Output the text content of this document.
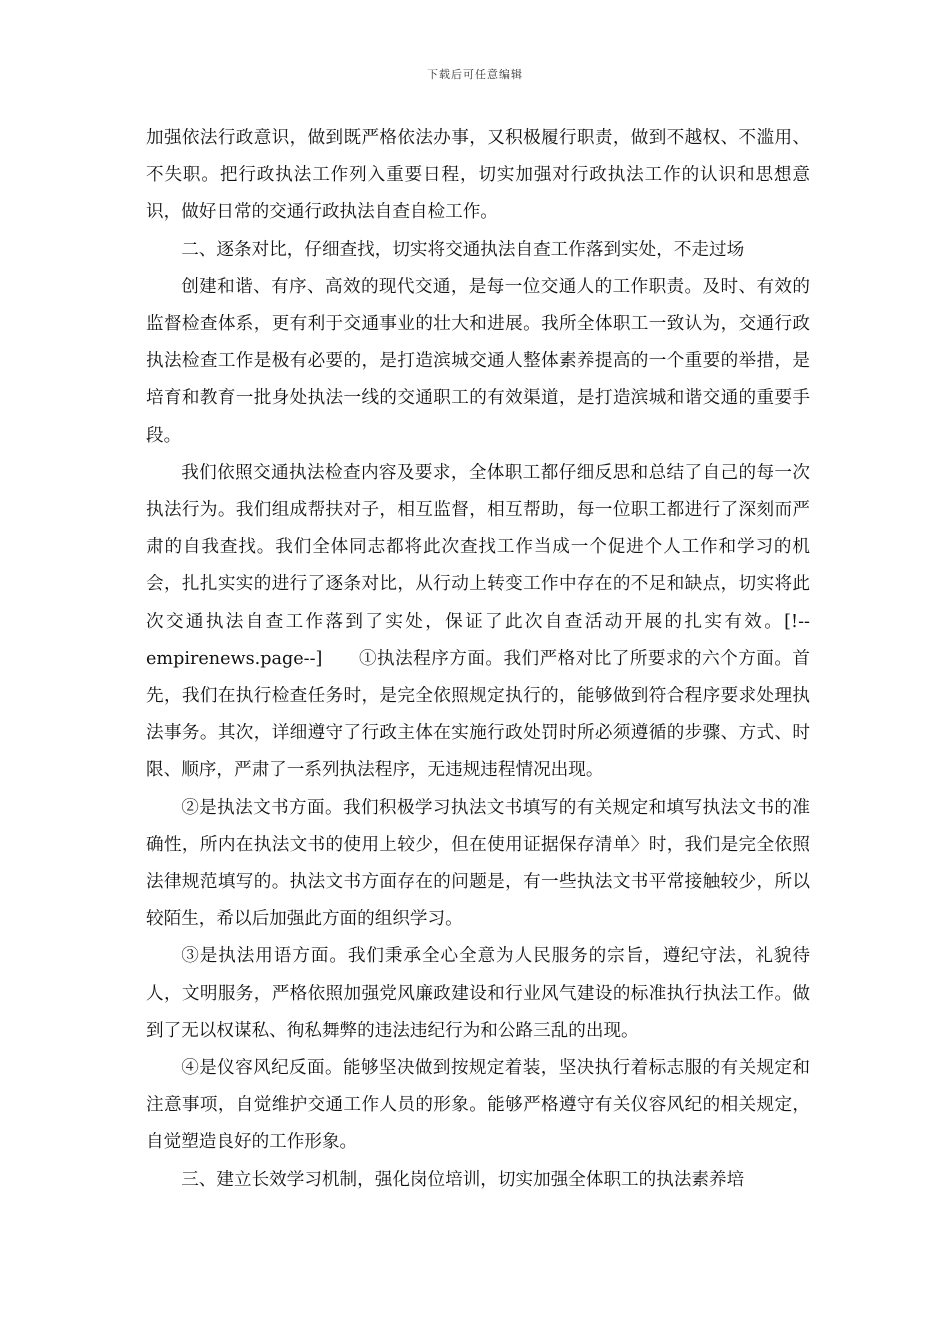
下载后可任意编辑

加强依法行政意识，做到既严格依法办事，又积极履行职责，做到不越权、不滥用、不失职。把行政执法工作列入重要日程，切实加强对行政执法工作的认识和思想意识，做好日常的交通行政执法自查自检工作。

二、逐条对比，仔细查找，切实将交通执法自查工作落到实处，不走过场

创建和谐、有序、高效的现代交通，是每一位交通人的工作职责。及时、有效的监督检查体系，更有利于交通事业的壮大和进展。我所全体职工一致认为，交通行政执法检查工作是极有必要的，是打造滨城交通人整体素养提高的一个重要的举措，是培育和教育一批身处执法一线的交通职工的有效渠道，是打造滨城和谐交通的重要手段。

我们依照交通执法检查内容及要求，全体职工都仔细反思和总结了自己的每一次执法行为。我们组成帮扶对子，相互监督，相互帮助，每一位职工都进行了深刻而严肃的自我查找。我们全体同志都将此次查找工作当成一个促进个人工作和学习的机会，扎扎实实的进行了逐条对比，从行动上转变工作中存在的不足和缺点，切实将此次交通执法自查工作落到了实处，保证了此次自查活动开展的扎实有效。[!--empirenews.page--]　　①执法程序方面。我们严格对比了所要求的六个方面。首先，我们在执行检查任务时，是完全依照规定执行的，能够做到符合程序要求处理执法事务。其次，详细遵守了行政主体在实施行政处罚时所必须遵循的步骤、方式、时限、顺序，严肃了一系列执法程序，无违规违程情况出现。

②是执法文书方面。我们积极学习执法文书填写的有关规定和填写执法文书的准确性，所内在执法文书的使用上较少，但在使用证据保存清单〉时，我们是完全依照法律规范填写的。执法文书方面存在的问题是，有一些执法文书平常接触较少，所以较陌生，希以后加强此方面的组织学习。

③是执法用语方面。我们秉承全心全意为人民服务的宗旨，遵纪守法，礼貌待人，文明服务，严格依照加强党风廉政建设和行业风气建设的标准执行执法工作。做到了无以权谋私、徇私舞弊的违法违纪行为和公路三乱的出现。

④是仪容风纪反面。能够坚决做到按规定着装，坚决执行着标志服的有关规定和注意事项，自觉维护交通工作人员的形象。能够严格遵守有关仪容风纪的相关规定，自觉塑造良好的工作形象。

三、建立长效学习机制，强化岗位培训，切实加强全体职工的执法素养培
